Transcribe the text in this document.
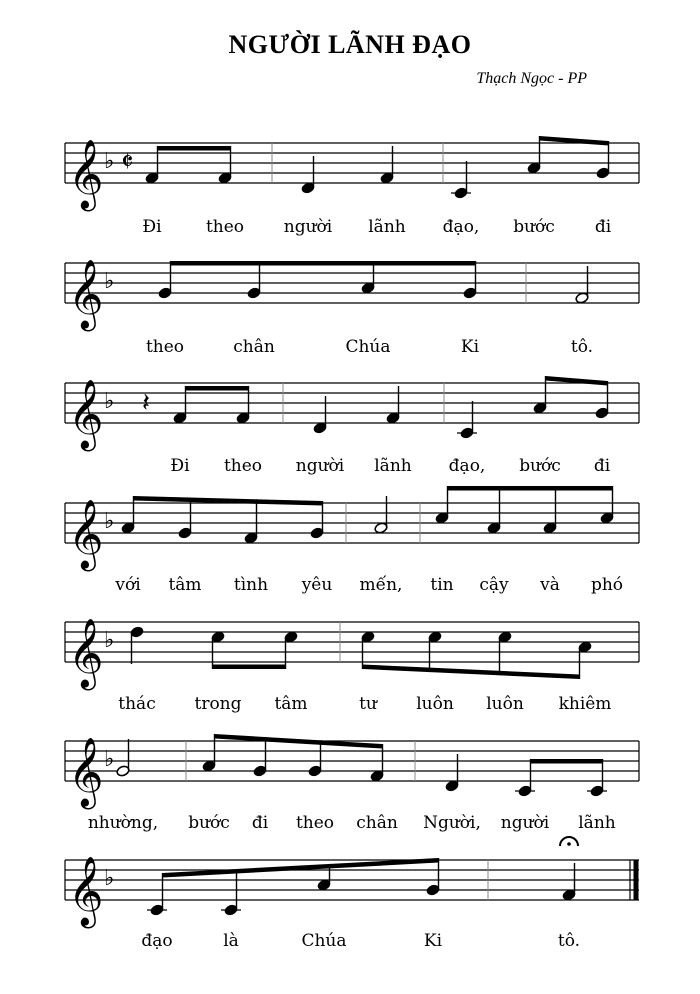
NGƯỜI LÃNH ĐẠO
Thạch Ngọc - PP
𝄞 ♭ 𝄵
Đi	theo người lãnh đạo, bước đi
𝄞 ♭
theo	chân	Chúa	Ki	tô.
𝄞 ♭ 𝄽
Đi theo người lãnh đạo, bước đi
𝄞 ♭
với tâm tình yêu mến, tin cậy và phó
𝄞 ♭
thác trong tâm	tư luôn luôn khiêm
𝄞 ♭
nhường, bước đi theo chân Người, người lãnh
𝄞 ♭
đạo	là	Chúa	Ki	tô.
